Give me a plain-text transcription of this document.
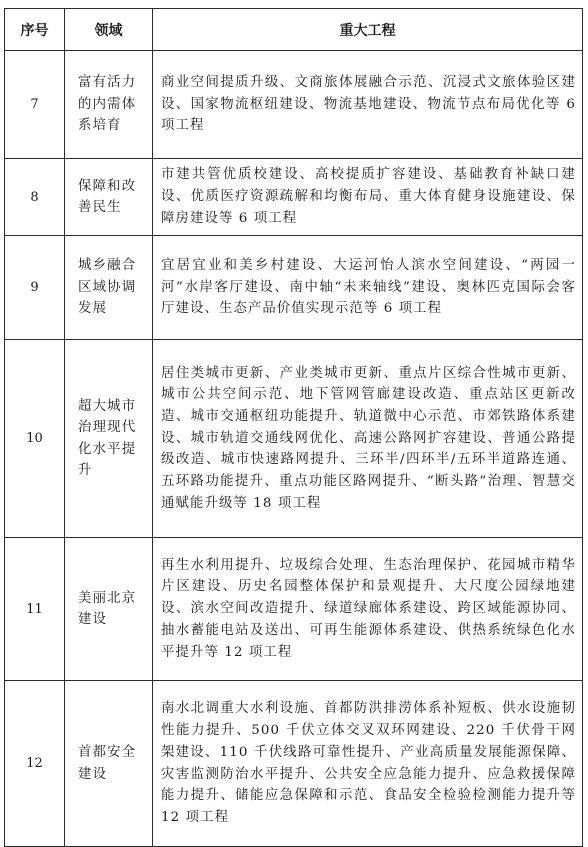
序号	领域	重大工程
7	富有活力的内需体系培育	商业空间提质升级、文商旅体展融合示范、沉浸式文旅体验区建设、国家物流枢纽建设、物流基地建设、物流节点布局优化等 6 项工程
8	保障和改善民生	市建共管优质校建设、高校提质扩容建设、基础教育补缺口建设、优质医疗资源疏解和均衡布局、重大体育健身设施建设、保障房建设等 6 项工程
9	城乡融合区域协调发展	宜居宜业和美乡村建设、大运河怡人滨水空间建设、“两园一河”水岸客厅建设、南中轴“未来轴线”建设、奥林匹克国际会客厅建设、生态产品价值实现示范等 6 项工程
10	超大城市治理现代化水平提升	居住类城市更新、产业类城市更新、重点片区综合性城市更新、城市公共空间示范、地下管网管廊建设改造、重点站区更新改造、城市交通枢纽功能提升、轨道微中心示范、市郊铁路体系建设、城市轨道交通线网优化、高速公路网扩容建设、普通公路提级改造、城市快速路网提升、三环半/四环半/五环半道路连通、五环路功能提升、重点功能区路网提升、“断头路”治理、智慧交通赋能升级等 18 项工程
11	美丽北京建设	再生水利用提升、垃圾综合处理、生态治理保护、花园城市精华片区建设、历史名园整体保护和景观提升、大尺度公园绿地建设、滨水空间改造提升、绿道绿廊体系建设、跨区域能源协同、抽水蓄能电站及送出、可再生能源体系建设、供热系统绿色化水平提升等 12 项工程
12	首都安全建设	南水北调重大水利设施、首都防洪排涝体系补短板、供水设施韧性能力提升、500 千伏立体交叉双环网建设、220 千伏骨干网架建设、110 千伏线路可靠性提升、产业高质量发展能源保障、灾害监测防治水平提升、公共安全应急能力提升、应急救援保障能力提升、储能应急保障和示范、食品安全检验检测能力提升等 12 项工程
